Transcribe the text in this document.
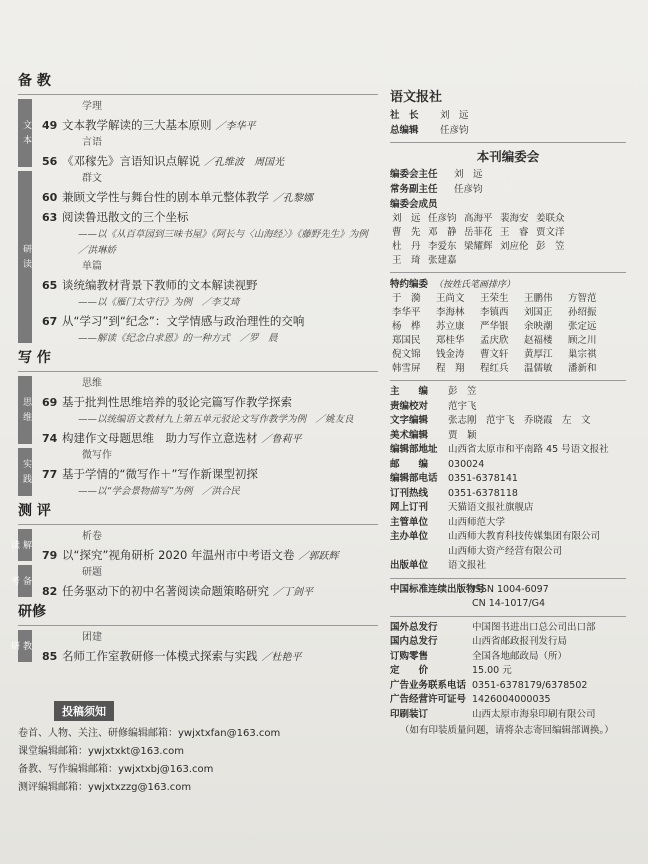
备 教
文本
学理
49 文本教学解读的三大基本原则 ／李华平
言语
56 《邓稼先》言语知识点解说 ／孔维波　周国光
研读
群文
60 兼顾文学性与舞台性的剧本单元整体教学 ／孔黎娜
63 阅读鲁迅散文的三个坐标
——以《从百草园到三味书屋》《阿长与〈山海经〉》《藤野先生》为例
／洪琳娇
单篇
65 谈统编教材背景下教师的文本解读视野
——以《雁门太守行》为例　／李艾琦
67 从“学习”到“纪念”：文学情感与政治理性的交响
——解读《纪念白求恩》的一种方式　／罗　晨
写 作
思维
思维
69 基于批判性思维培养的驳论完篇写作教学探索
——以统编语文教材九上第五单元驳论文写作教学为例　／姚友良
74 构建作文母题思维　助力写作立意选材 ／鲁莉平
实践
微写作
77 基于学情的“微写作＋”写作新课型初探
——以“学会景物描写”为例　／洪合民
测 评
解读
析卷
79 以“探究”视角研析 2020 年温州市中考语文卷 ／郭跃辉
备考
研题
82 任务驱动下的初中名著阅读命题策略研究 ／丁剑平
研修
教研
团建
85 名师工作室教研修一体模式探索与实践 ／杜艳平
投稿须知
卷首、人物、关注、研修编辑邮箱：ywjxtxfan@163.com
课堂编辑邮箱：ywjxtxkt@163.com
备教、写作编辑邮箱：ywjxtxbj@163.com
测评编辑邮箱：ywjxtxzzg@163.com
语文报社
社　长 刘　远
总编辑 任彦钧
本刊编委会
编委会主任 刘　远
常务副主任 任彦钧
编委会成员
刘　远 任彦钧 高海平 裴海安 姜联众
曹　先 邓　静 岳菲花 王　睿 贾文洋
杜　丹 李爱东 梁耀辉 刘应伦 彭　笠
王　琦 张建嘉
特约编委 （按姓氏笔画排序）
于　漪	王尚文	王荣生	王鹏伟	方智范
李华平	李海林	李镇西	刘国正	孙绍振
杨　桦	苏立康	严华银	余映潮	张定远
郑国民	郑桂华	孟庆欣	赵福楼	顾之川
倪文锦	钱金涛	曹文轩	黄厚江	巢宗祺
韩雪屏	程　翔	程红兵	温儒敏	潘新和
主　　编 彭　笠
责编校对 范宇飞
文字编辑 张志刚　范宇飞　乔晓霞　左　文
美术编辑 贾　颖
编辑部地址 山西省太原市和平南路 45 号语文报社
邮　　编 030024
编辑部电话 0351-6378141
订刊热线 0351-6378118
网上订刊 天猫语文报社旗舰店
主管单位 山西师范大学
主办单位 山西师大教育科技传媒集团有限公司
山西师大资产经营有限公司
出版单位 语文报社
中国标准连续出版物号ISSN 1004-6097
CN 14-1017/G4
国外总发行	中国图书进出口总公司出口部
国内总发行	山西省邮政报刊发行局
订购零售	全国各地邮政局（所）
定　　价	15.00 元
广告业务联系电话 0351-6378179/6378502
广告经营许可证号 1426004000035
印刷装订	山西太原市海泉印刷有限公司
（如有印装质量问题，请将杂志寄回编辑部调换。）
